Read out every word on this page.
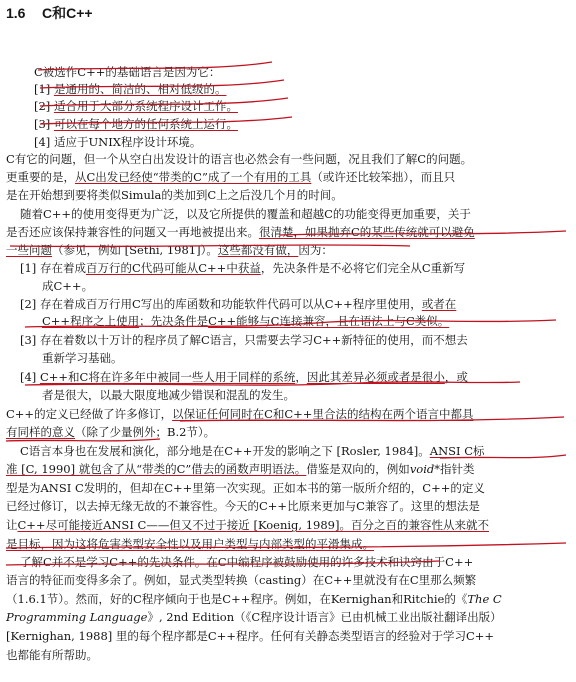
1.6 C和C++
C被选作C++的基础语言是因为它：
[1] 是通用的、简洁的、相对低级的。
[2] 适合用于大部分系统程序设计工作。
[3] 可以在每个地方的任何系统上运行。
[4] 适应于UNIX程序设计环境。
C有它的问题，但一个从空白出发设计的语言也必然会有一些问题，况且我们了解C的问题。
更重要的是，从C出发已经使“带类的C”成了一个有用的工具（或许还比较笨拙），而且只
是在开始想到要将类似Simula的类加到C上之后没几个月的时间。
随着C++的使用变得更为广泛，以及它所提供的覆盖和超越C的功能变得更加重要，关于
是否还应该保持兼容性的问题又一再地被提出来。很清楚，如果抛弃C的某些传统就可以避免
一些问题（参见，例如 [Sethi, 1981]）。这些都没有做，因为：
[1] 存在着成百万行的C代码可能从C++中获益，先决条件是不必将它们完全从C重新写
成C++。
[2] 存在着成百万行用C写出的库函数和功能软件代码可以从C++程序里使用，或者在
C++程序之上使用；先决条件是C++能够与C连接兼容，且在语法上与C类似。
[3] 存在着数以十万计的程序员了解C语言，只需要去学习C++新特征的使用，而不想去
重新学习基础。
[4] C++和C将在许多年中被同一些人用于同样的系统，因此其差异必须或者是很小，或
者是很大，以最大限度地减少错误和混乱的发生。
C++的定义已经做了许多修订，以保证任何同时在C和C++里合法的结构在两个语言中都具
有同样的意义（除了少量例外；B.2节）。
C语言本身也在发展和演化，部分地是在C++开发的影响之下 [Rosler, 1984]。ANSI C标
准 [C, 1990] 就包含了从“带类的C”借去的函数声明语法。借鉴是双向的，例如void*指针类
型是为ANSI C发明的，但却在C++里第一次实现。正如本书的第一版所介绍的，C++的定义
已经过修订，以去掉无缘无故的不兼容性。今天的C++比原来更加与C兼容了。这里的想法是
让C++尽可能接近ANSI C——但又不过于接近 [Koenig, 1989]。百分之百的兼容性从来就不
是目标，因为这将危害类型安全性以及用户类型与内部类型的平滑集成。
了解C并不是学习C++的先决条件。在C中编程序被鼓励使用的许多技术和诀窍由于C++
语言的特征而变得多余了。例如，显式类型转换（casting）在C++里就没有在C里那么频繁
（1.6.1节）。然而，好的C程序倾向于也是C++程序。例如，在Kernighan和Ritchie的《The C
Programming Language》, 2nd Edition（《C程序设计语言》已由机械工业出版社翻译出版）
[Kernighan, 1988] 里的每个程序都是C++程序。任何有关静态类型语言的经验对于学习C++
也都能有所帮助。
